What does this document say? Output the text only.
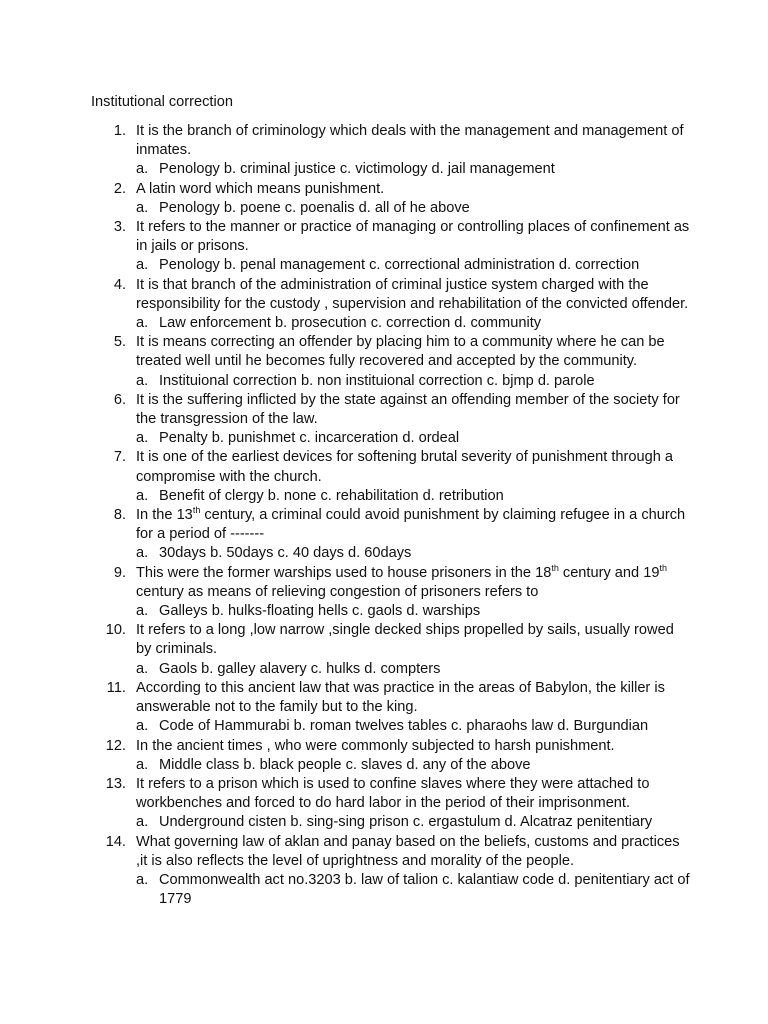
Institutional correction
1. It is the branch of criminology which deals with the management and management of inmates.
a. Penology b. criminal justice c. victimology d. jail management
2. A latin word which means punishment.
a. Penology b. poene c. poenalis d. all of he above
3. It refers to the manner or practice of managing or controlling places of confinement as in jails or prisons.
a. Penology b. penal management c. correctional administration d. correction
4. It is that branch of the administration of criminal justice system charged with the responsibility for the custody , supervision and rehabilitation of the convicted offender.
a. Law enforcement b. prosecution c. correction d. community
5. It is means correcting an offender by placing him to a community where he can be treated well until he becomes fully recovered and accepted by the community.
a. Instituional correction b. non instituional correction c. bjmp d. parole
6. It is the suffering inflicted by the state against an offending member of the society for the transgression of the law.
a. Penalty b. punishmet c. incarceration d. ordeal
7. It is one of the earliest devices for softening brutal severity of punishment through a compromise with the church.
a. Benefit of clergy b. none c. rehabilitation d. retribution
8. In the 13th century, a criminal could avoid punishment by claiming refugee in a church for a period of -------
a. 30days b. 50days c. 40 days d. 60days
9. This were the former warships used to house prisoners in the 18th century and 19th century as means of relieving congestion of prisoners refers to
a. Galleys b. hulks-floating hells c. gaols d. warships
10. It refers to a long ,low narrow ,single decked ships propelled by sails, usually rowed by criminals.
a. Gaols b. galley alavery c. hulks d. compters
11. According to this ancient law that was practice in the areas of Babylon, the killer is answerable not to the family but to the king.
a. Code of Hammurabi b. roman twelves tables c. pharaohs law d. Burgundian
12. In the ancient times , who were commonly subjected to harsh punishment.
a. Middle class b. black people c. slaves d. any of the above
13. It refers to a prison which is used to confine slaves where they were attached to workbenches and forced to do hard labor in the period of their imprisonment.
a. Underground cisten b. sing-sing prison c. ergastulum d. Alcatraz penitentiary
14. What governing law of aklan and panay based on the beliefs, customs and practices ,it is also reflects the level of uprightness and morality of the people.
a. Commonwealth act no.3203 b. law of talion c. kalantiaw code d. penitentiary act of 1779
